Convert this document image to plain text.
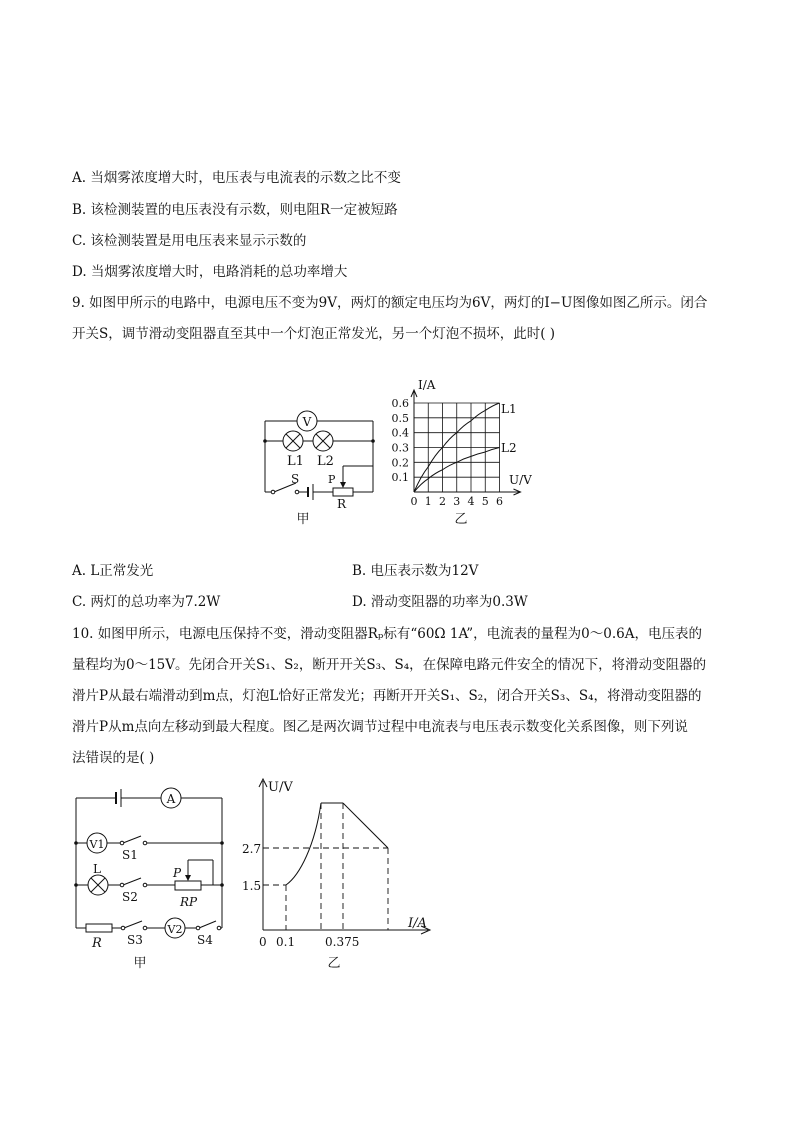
A. 当烟雾浓度增大时，电压表与电流表的示数之比不变
B. 该检测装置的电压表没有示数，则电阻R一定被短路
C. 该检测装置是用电压表来显示示数的
D. 当烟雾浓度增大时，电路消耗的总功率增大
9. 如图甲所示的电路中，电源电压不变为9V，两灯的额定电压均为6V，两灯的I−U图像如图乙所示。闭合
开关S，调节滑动变阻器直至其中一个灯泡正常发光，另一个灯泡不损坏，此时( )
V
L1 L2
S	P
R
甲
0.1
0.2
0.3
0.4
0.5
0.6
0 1 2 3 4 5 6
I/A
U/V
L1
L2
乙
A. L正常发光	B. 电压表示数为12V
C. 两灯的总功率为7.2W	D. 滑动变阻器的功率为0.3W
10. 如图甲所示，电源电压保持不变，滑动变阻器Rₚ标有“60Ω 1A”，电流表的量程为0～0.6A，电压表的
量程均为0～15V。先闭合开关S₁、S₂，断开开关S₃、S₄，在保障电路元件安全的情况下，将滑动变阻器的
滑片P从最右端滑动到m点，灯泡L恰好正常发光；再断开开关S₁、S₂，闭合开关S₃、S₄，将滑动变阻器的
滑片P从m点向左移动到最大程度。图乙是两次调节过程中电流表与电压表示数变化关系图像，则下列说
法错误的是( )
A
V1
V2
L
S1
S2
S3	S4
R
P
RP
甲
U/V
I/A
2.7
1.5
0 0.1 0.375
乙
